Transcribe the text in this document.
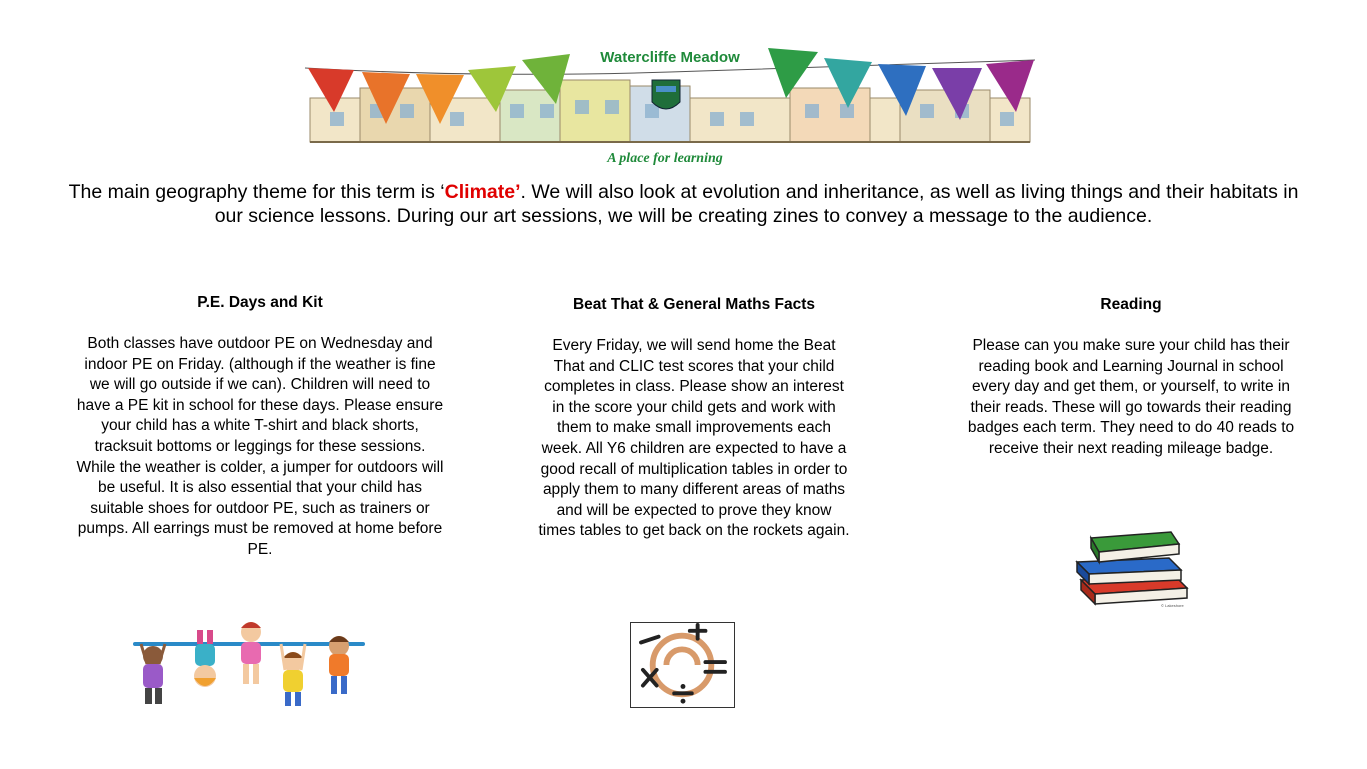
Watercliffe Meadow
A place for learning
The main geography theme for this term is ‘Climate’. We will also look at evolution and inheritance, as well as living things and their habitats in our science lessons. During our art sessions, we will be creating zines to convey a message to the audience.
P.E. Days and Kit

Both classes have outdoor PE on Wednesday and indoor PE on Friday. (although if the weather is fine we will go outside if we can). Children will need to have a PE kit in school for these days. Please ensure your child has a white T-shirt and black shorts, tracksuit bottoms or leggings for these sessions. While the weather is colder, a jumper for outdoors will be useful. It is also essential that your child has suitable shoes for outdoor PE, such as trainers or pumps. All earrings must be removed at home before PE.

Beat That & General Maths Facts

Every Friday, we will send home the Beat That and CLIC test scores that your child completes in class. Please show an interest in the score your child gets and work with them to make small improvements each week. All Y6 children are expected to have a good recall of multiplication tables in order to apply them to many different areas of maths and will be expected to prove they know times tables to get back on the rockets again.

Reading

Please can you make sure your child has their reading book and Learning Journal in school every day and get them, or yourself, to write in their reads. These will go towards their reading badges each term. They need to do 40 reads to receive their next reading mileage badge.

© Lakeshore
